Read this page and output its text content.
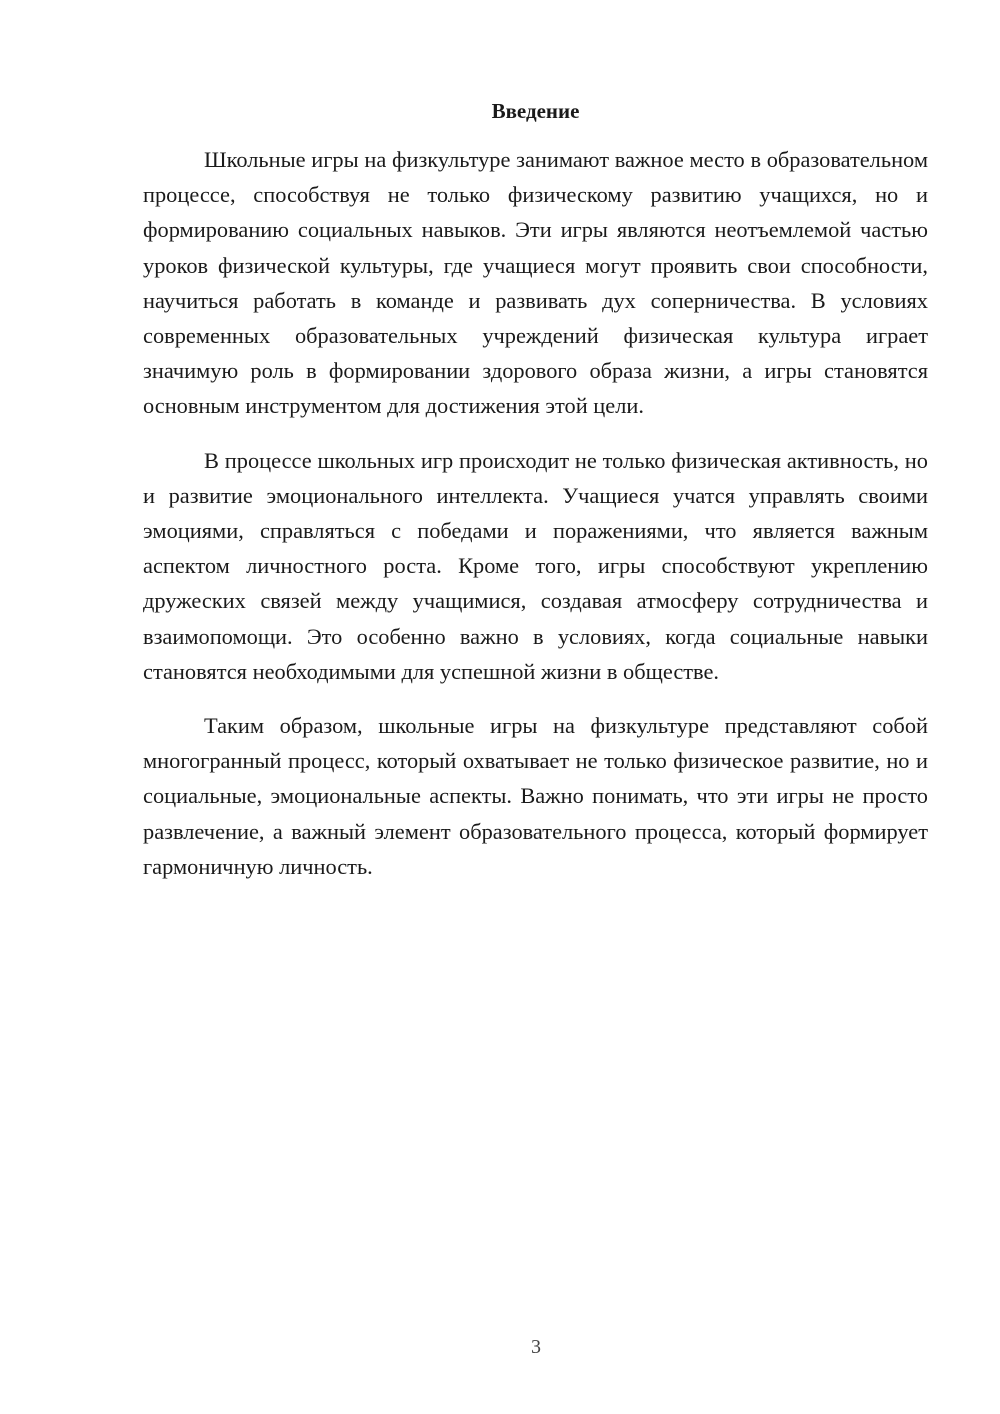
Введение

Школьные игры на физкультуре занимают важное место в образовательном процессе, способствуя не только физическому развитию учащихся, но и формированию социальных навыков. Эти игры являются неотъемлемой частью уроков физической культуры, где учащиеся могут проявить свои способности, научиться работать в команде и развивать дух соперничества. В условиях современных образовательных учреждений физическая культура играет значимую роль в формировании здорового образа жизни, а игры становятся основным инструментом для достижения этой цели.

В процессе школьных игр происходит не только физическая активность, но и развитие эмоционального интеллекта. Учащиеся учатся управлять своими эмоциями, справляться с победами и поражениями, что является важным аспектом личностного роста. Кроме того, игры способствуют укреплению дружеских связей между учащимися, создавая атмосферу сотрудничества и взаимопомощи. Это особенно важно в условиях, когда социальные навыки становятся необходимыми для успешной жизни в обществе.

Таким образом, школьные игры на физкультуре представляют собой многогранный процесс, который охватывает не только физическое развитие, но и социальные, эмоциональные аспекты. Важно понимать, что эти игры не просто развлечение, а важный элемент образовательного процесса, который формирует гармоничную личность.

3
